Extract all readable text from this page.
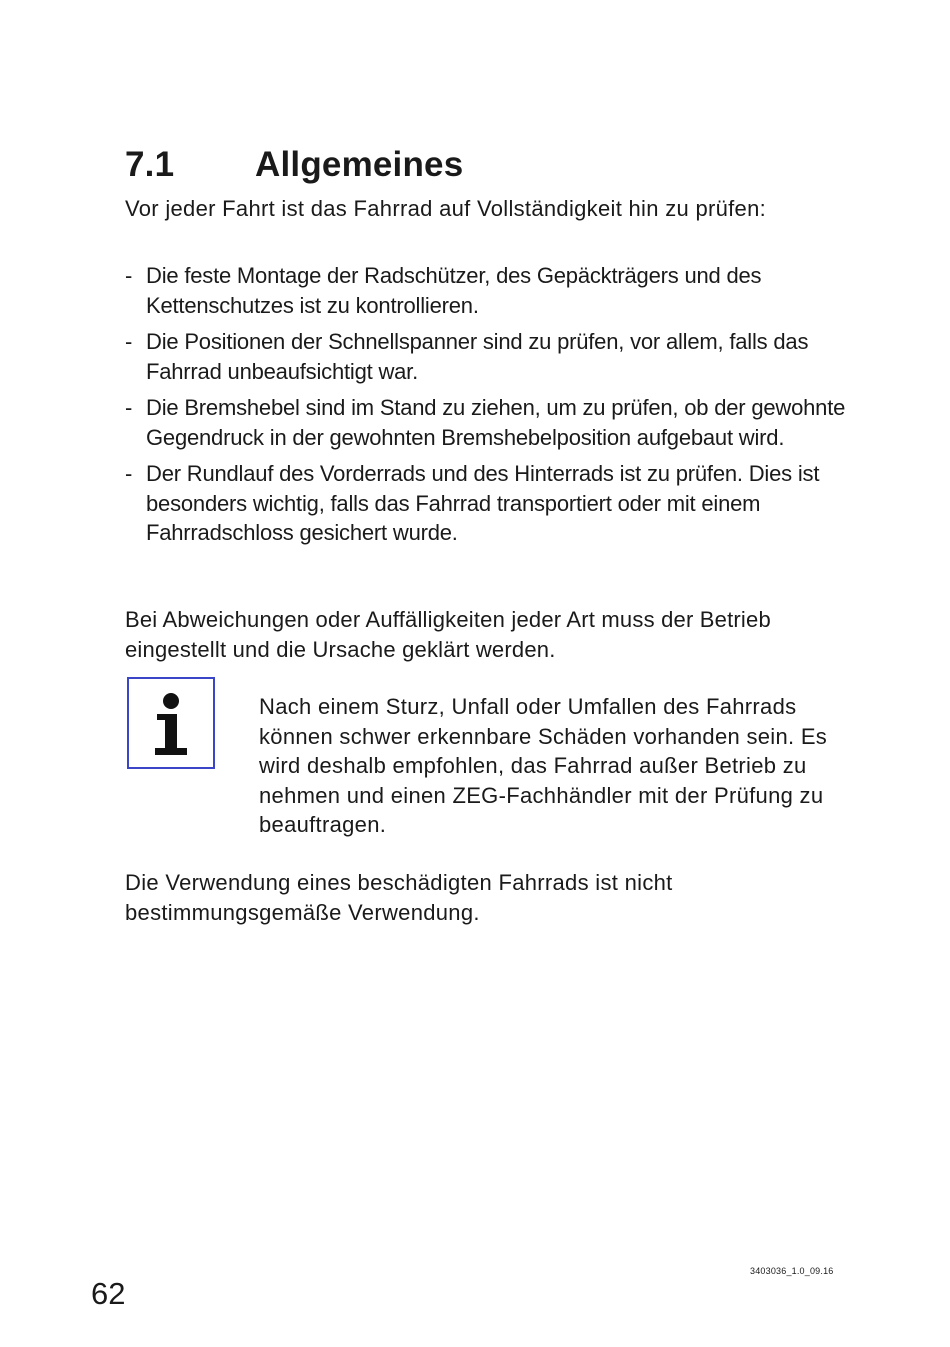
7.1 Allgemeines

Vor jeder Fahrt ist das Fahrrad auf Vollständigkeit hin zu prüfen:

- Die feste Montage der Radschützer, des Gepäckträgers und des Kettenschutzes ist zu kontrollieren.
- Die Positionen der Schnellspanner sind zu prüfen, vor allem, falls das Fahrrad unbeaufsichtigt war.
- Die Bremshebel sind im Stand zu ziehen, um zu prüfen, ob der gewohnte Gegendruck in der gewohnten Bremshebelposition aufgebaut wird.
- Der Rundlauf des Vorderrads und des Hinterrads ist zu prüfen. Dies ist besonders wichtig, falls das Fahrrad transportiert oder mit einem Fahrradschloss gesichert wurde.

Bei Abweichungen oder Auffälligkeiten jeder Art muss der Betrieb eingestellt und die Ursache geklärt werden.

Nach einem Sturz, Unfall oder Umfallen des Fahrrads können schwer erkennbare Schäden vorhanden sein. Es wird deshalb empfohlen, das Fahrrad außer Betrieb zu nehmen und einen ZEG-Fachhändler mit der Prüfung zu beauftragen.

Die Verwendung eines beschädigten Fahrrads ist nicht bestimmungsgemäße Verwendung.

62
3403036_1.0_09.16
